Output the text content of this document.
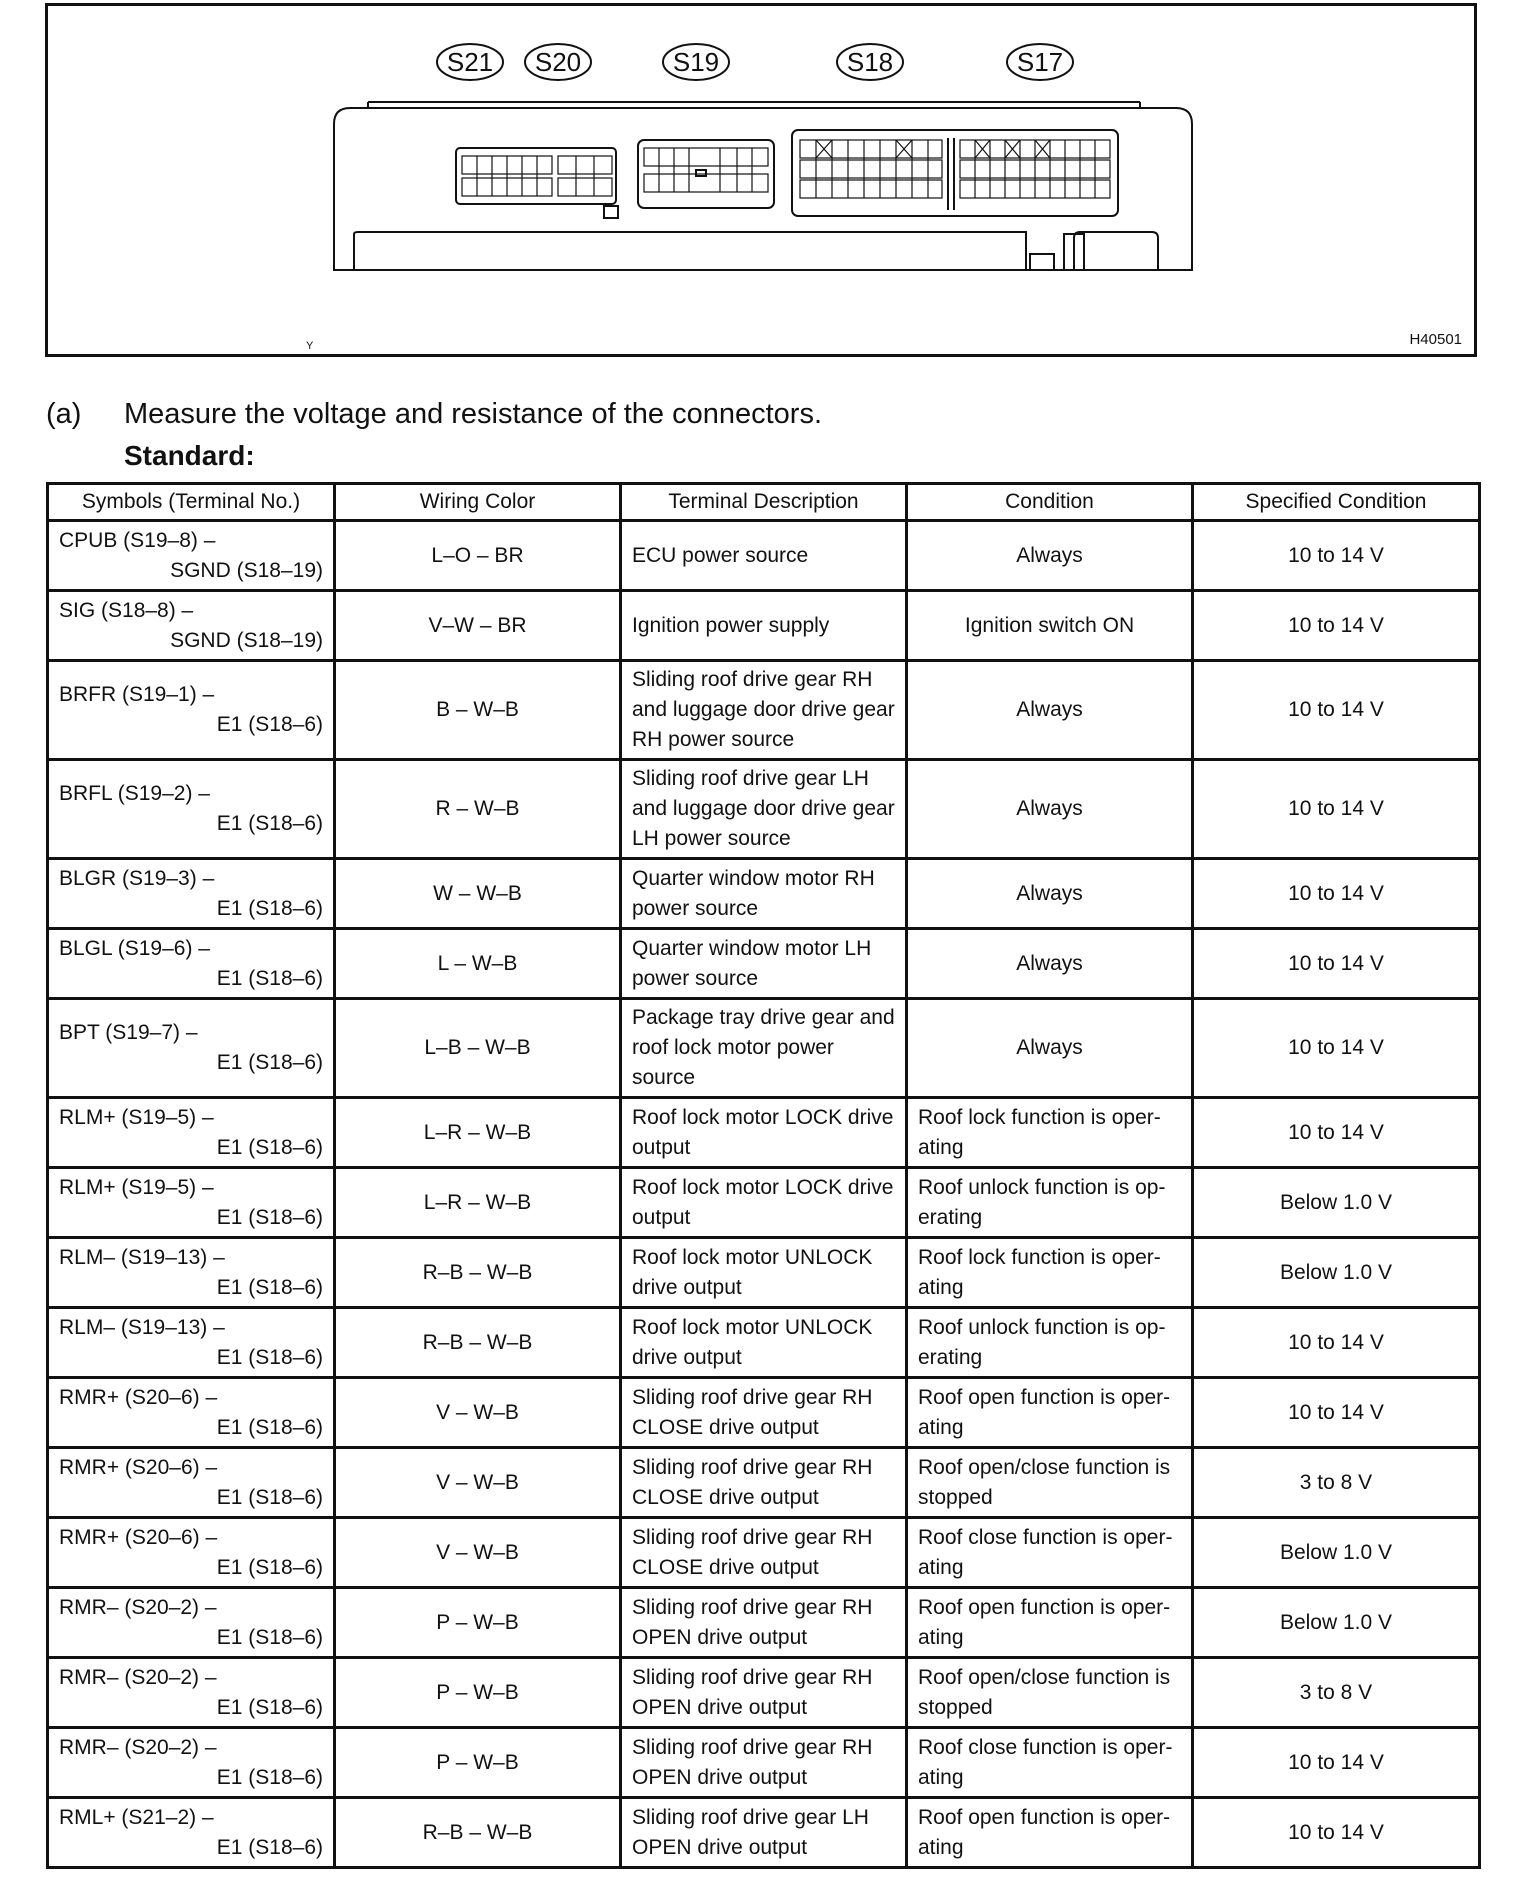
S21 S20	S19	S18	S17
Y	H40501
(a) Measure the voltage and resistance of the connectors.
Standard:
Symbols (Terminal No.)	Wiring Color	Terminal Description	Condition	Specified Condition

CPUB (S19–8) –
SGND (S18–19)	L–O – BR	ECU power source	Always	10 to 14 V

SIG (S18–8) –
SGND (S18–19)	V–W – BR	Ignition power supply	Ignition switch ON	10 to 14 V

BRFR (S19–1) –
E1 (S18–6)	B – W–B	Sliding roof drive gear RH and luggage door drive gear RH power source	Always	10 to 14 V

BRFL (S19–2) –
E1 (S18–6)	R – W–B	Sliding roof drive gear LH and luggage door drive gear LH power source	Always	10 to 14 V

BLGR (S19–3) –
E1 (S18–6)	W – W–B	Quarter window motor RH power source	Always	10 to 14 V

BLGL (S19–6) –
E1 (S18–6)	L – W–B	Quarter window motor LH power source	Always	10 to 14 V

BPT (S19–7) –
E1 (S18–6)	L–B – W–B	Package tray drive gear and roof lock motor power source	Always	10 to 14 V

RLM+ (S19–5) –
E1 (S18–6)	L–R – W–B	Roof lock motor LOCK drive output	Roof lock function is oper-ating	10 to 14 V

RLM+ (S19–5) –
E1 (S18–6)	L–R – W–B	Roof lock motor LOCK drive output	Roof unlock function is op-erating	Below 1.0 V

RLM– (S19–13) –
E1 (S18–6)	R–B – W–B	Roof lock motor UNLOCK drive output	Roof lock function is oper-ating	Below 1.0 V

RLM– (S19–13) –
E1 (S18–6)	R–B – W–B	Roof lock motor UNLOCK drive output	Roof unlock function is op-erating	10 to 14 V

RMR+ (S20–6) –
E1 (S18–6)	V – W–B	Sliding roof drive gear RH CLOSE drive output	Roof open function is oper-ating	10 to 14 V

RMR+ (S20–6) –
E1 (S18–6)	V – W–B	Sliding roof drive gear RH CLOSE drive output	Roof open/close function is stopped	3 to 8 V

RMR+ (S20–6) –
E1 (S18–6)	V – W–B	Sliding roof drive gear RH CLOSE drive output	Roof close function is oper-ating	Below 1.0 V

RMR– (S20–2) –
E1 (S18–6)	P – W–B	Sliding roof drive gear RH OPEN drive output	Roof open function is oper-ating	Below 1.0 V

RMR– (S20–2) –
E1 (S18–6)	P – W–B	Sliding roof drive gear RH OPEN drive output	Roof open/close function is stopped	3 to 8 V

RMR– (S20–2) –
E1 (S18–6)	P – W–B	Sliding roof drive gear RH OPEN drive output	Roof close function is oper-ating	10 to 14 V

RML+ (S21–2) –
E1 (S18–6)	R–B – W–B	Sliding roof drive gear LH OPEN drive output	Roof open function is oper-ating	10 to 14 V
